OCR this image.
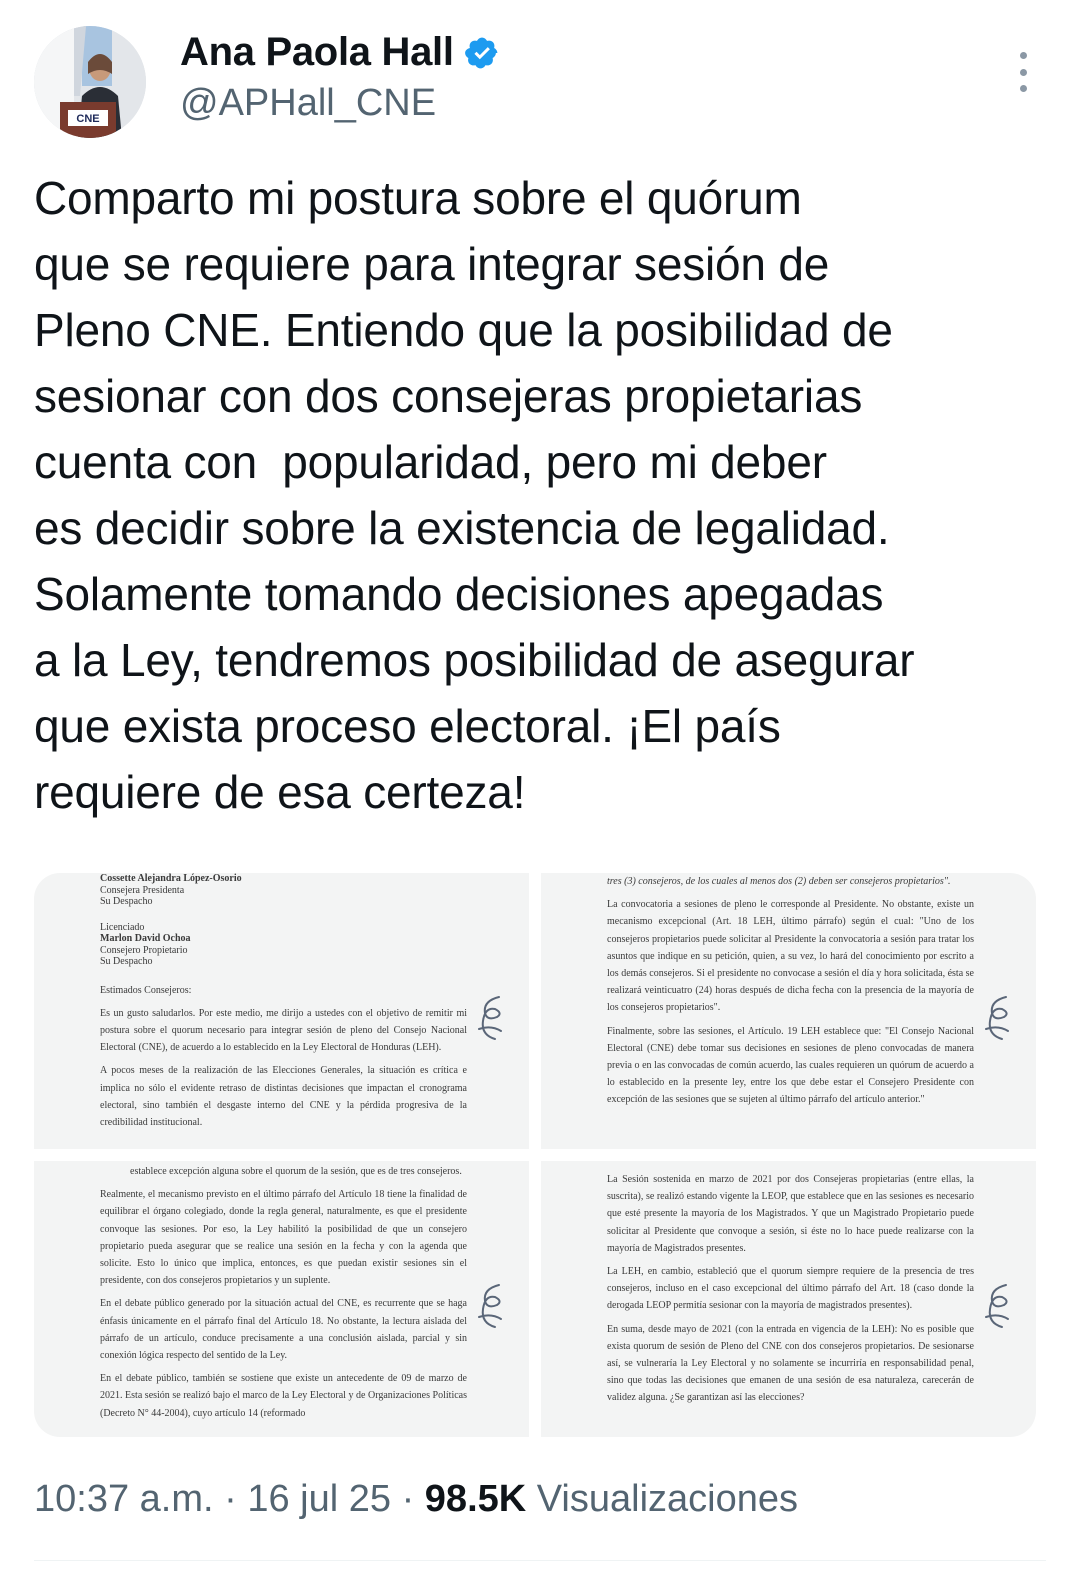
CNE
Ana Paola Hall
@APHall_CNE
Comparto mi postura sobre el quórum
que se requiere para integrar sesión de
Pleno CNE. Entiendo que la posibilidad de
sesionar con dos consejeras propietarias
cuenta con  popularidad, pero mi deber
es decidir sobre la existencia de legalidad.
Solamente tomando decisiones apegadas
a la Ley, tendremos posibilidad de asegurar
que exista proceso electoral. ¡El país
requiere de esa certeza!
Cossette Alejandra López-Osorio
Consejera Presidenta
Su Despacho
Licenciado
Marlon David Ochoa
Consejero Propietario
Su Despacho

Estimados Consejeros:

Es un gusto saludarlos. Por este medio, me dirijo a ustedes con el objetivo de remitir mi postura sobre el quorum necesario para integrar sesión de pleno del Consejo Nacional Electoral (CNE), de acuerdo a lo establecido en la Ley Electoral de Honduras (LEH).

A pocos meses de la realización de las Elecciones Generales, la situación es crítica e implica no sólo el evidente retraso de distintas decisiones que impactan el cronograma electoral, sino también el desgaste interno del CNE y la pérdida progresiva de la credibilidad institucional.

tres (3) consejeros, de los cuales al menos dos (2) deben ser consejeros propietarios".

La convocatoria a sesiones de pleno le corresponde al Presidente. No obstante, existe un mecanismo excepcional (Art. 18 LEH, último párrafo) según el cual: "Uno de los consejeros propietarios puede solicitar al Presidente la convocatoria a sesión para tratar los asuntos que indique en su petición, quien, a su vez, lo hará del conocimiento por escrito a los demás consejeros. Si el presidente no convocase a sesión el día y hora solicitada, ésta se realizará veinticuatro (24) horas después de dicha fecha con la presencia de la mayoría de los consejeros propietarios".

Finalmente, sobre las sesiones, el Artículo. 19 LEH establece que: "El Consejo Nacional Electoral (CNE) debe tomar sus decisiones en sesiones de pleno convocadas de manera previa o en las convocadas de común acuerdo, las cuales requieren un quórum de acuerdo a lo establecido en la presente ley, entre los que debe estar el Consejero Presidente con excepción de las sesiones que se sujeten al último párrafo del artículo anterior."

establece excepción alguna sobre el quorum de la sesión, que es de tres consejeros.

Realmente, el mecanismo previsto en el último párrafo del Artículo 18 tiene la finalidad de equilibrar el órgano colegiado, donde la regla general, naturalmente, es que el presidente convoque las sesiones. Por eso, la Ley habilitó la posibilidad de que un consejero propietario pueda asegurar que se realice una sesión en la fecha y con la agenda que solicite. Esto lo único que implica, entonces, es que puedan existir sesiones sin el presidente, con dos consejeros propietarios y un suplente.

En el debate público generado por la situación actual del CNE, es recurrente que se haga énfasis únicamente en el párrafo final del Artículo 18. No obstante, la lectura aislada del párrafo de un artículo, conduce precisamente a una conclusión aislada, parcial y sin conexión lógica respecto del sentido de la Ley.

En el debate público, también se sostiene que existe un antecedente de 09 de marzo de 2021. Esta sesión se realizó bajo el marco de la Ley Electoral y de Organizaciones Políticas (Decreto N° 44-2004), cuyo artículo 14 (reformado

La Sesión sostenida en marzo de 2021 por dos Consejeras propietarias (entre ellas, la suscrita), se realizó estando vigente la LEOP, que establece que en las sesiones es necesario que esté presente la mayoría de los Magistrados. Y que un Magistrado Propietario puede solicitar al Presidente que convoque a sesión, si éste no lo hace puede realizarse con la mayoría de Magistrados presentes.

La LEH, en cambio, estableció que el quorum siempre requiere de la presencia de tres consejeros, incluso en el caso excepcional del último párrafo del Art. 18 (caso donde la derogada LEOP permitía sesionar con la mayoría de magistrados presentes).

En suma, desde mayo de 2021 (con la entrada en vigencia de la LEH): No es posible que exista quorum de sesión de Pleno del CNE con dos consejeros propietarios. De sesionarse así, se vulneraría la Ley Electoral y no solamente se incurriría en responsabilidad penal, sino que todas las decisiones que emanen de una sesión de esa naturaleza, carecerán de validez alguna. ¿Se garantizan así las elecciones?

10:37 a.m. · 16 jul 25 · 98.5K Visualizaciones
